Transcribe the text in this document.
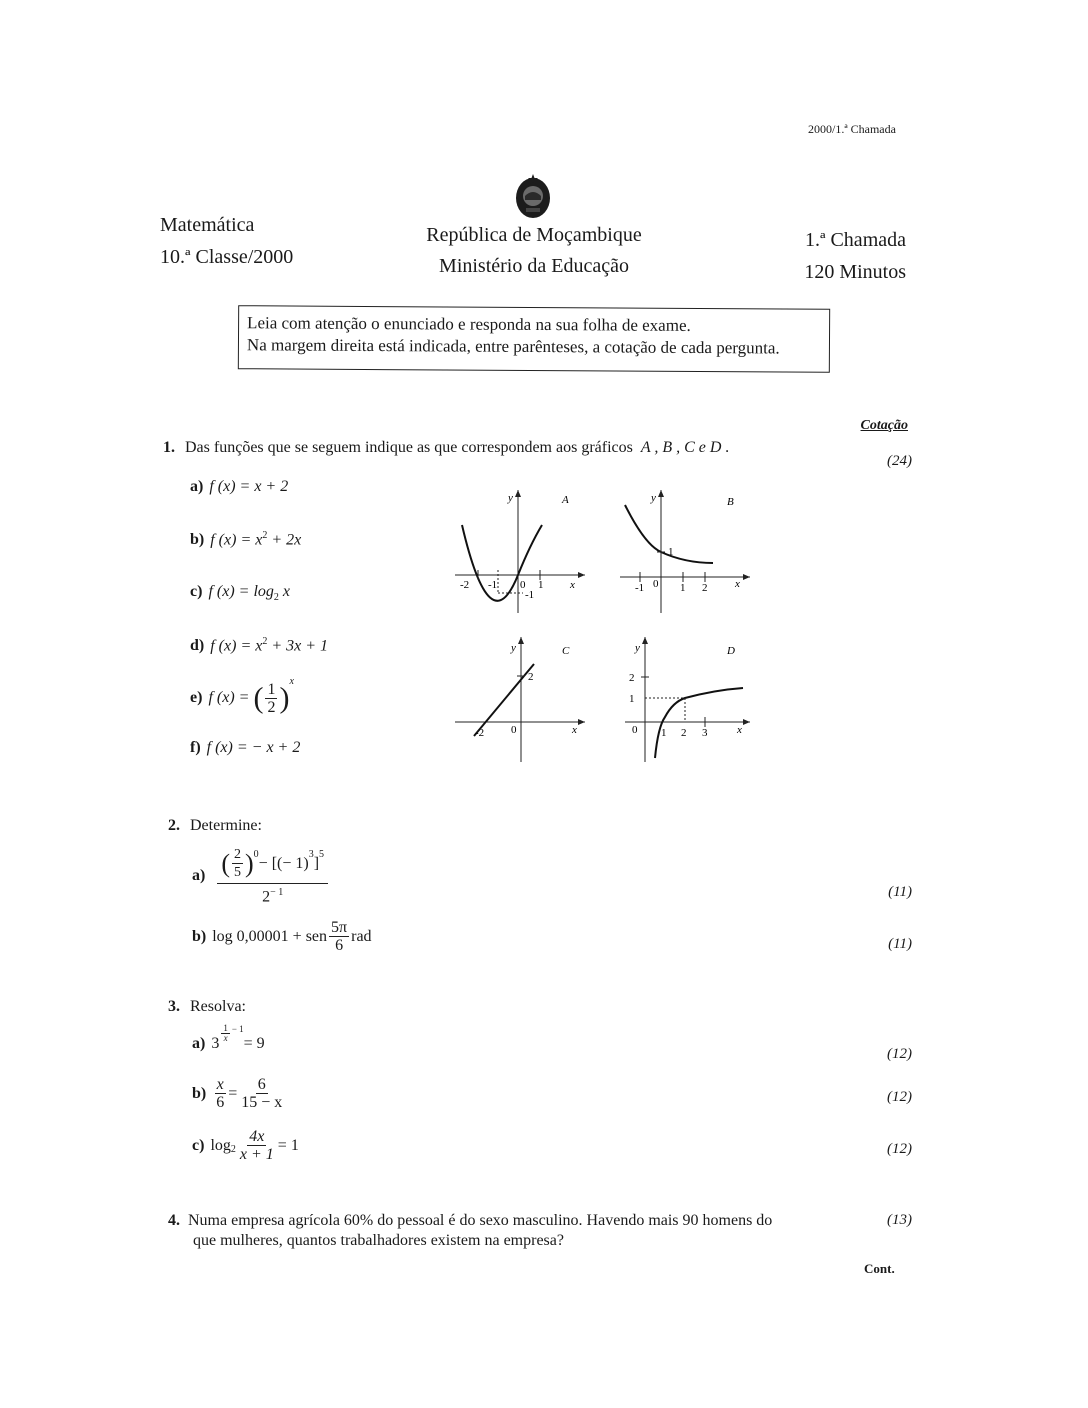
2000/1.ª Chamada
Matemática
10.ª Classe/2000
República de Moçambique
Ministério da Educação
1.ª Chamada
120 Minutos
Leia com atenção o enunciado e responda na sua folha de exame.
Na margem direita está indicada, entre parênteses, a cotação de cada pergunta.
Cotação
1. Das funções que se seguem indique as que correspondem aos gráficos A , B , C e D .
(24)
a) f (x) = x + 2
b) f $(x) = x^2 + 2x$
c) f $(x) = \log_2 x$
d) f $(x) = x^2 + 3x + 1$
e) f (x) = ( $\frac{1}{2} )^x$
f) f (x) = − x + 2
-2 -1 0 1
-1
y
x
A
-1 0 1 2
1
y
x
B
-2 0
2
y
x
C
0 1 2 3
2
1
y
x
D
2. Determine:
a) ( $\frac{2}{5} )^0$
− [(− 1)
$^3$
]
$^5$
$2^{- 1}$	(11)
b) log 0,00001 + sen $\frac{5\pi}{6}$ rad	(11)
3. Resolva:
a) 3
$\frac{1}{x} - 1$
= 9
(12)
$b) \frac{x}{6} = \frac{6}{15 - x}$	(12)
c) $\log_2 \frac{4x}{x + 1} = 1$	(12)
4. Numa empresa agrícola 60% do pessoal é do sexo masculino. Havendo mais 90 homens do
que mulheres, quantos trabalhadores existem na empresa?
(13)
Cont.
